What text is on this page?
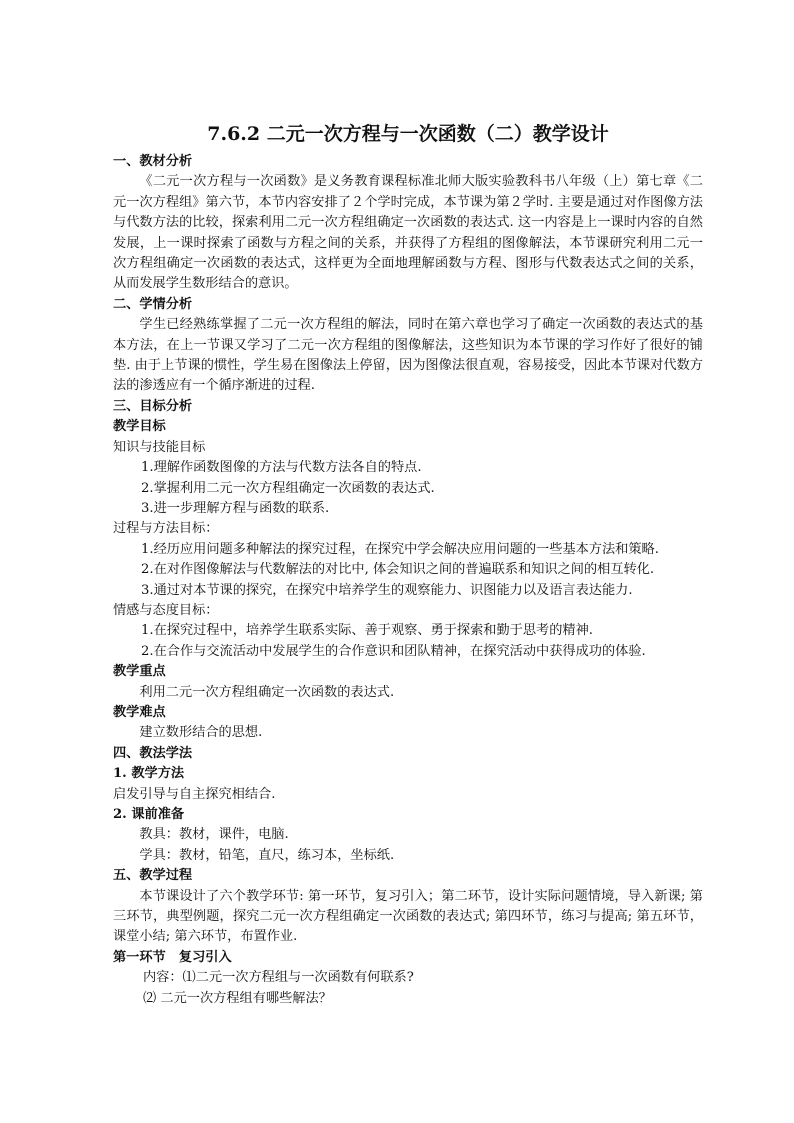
7.6.2 二元一次方程与一次函数（二）教学设计
一、教材分析
《二元一次方程与一次函数》是义务教育课程标准北师大版实验教科书八年级（上）第七章《二元一次方程组》第六节，本节内容安排了２个学时完成，本节课为第２学时. 主要是通过对作图像方法与代数方法的比较，探索利用二元一次方程组确定一次函数的表达式. 这一内容是上一课时内容的自然发展，上一课时探索了函数与方程之间的关系，并获得了方程组的图像解法，本节课研究利用二元一次方程组确定一次函数的表达式，这样更为全面地理解函数与方程、图形与代数表达式之间的关系，从而发展学生数形结合的意识。
二、学情分析
学生已经熟练掌握了二元一次方程组的解法，同时在第六章也学习了确定一次函数的表达式的基本方法，在上一节课又学习了二元一次方程组的图像解法，这些知识为本节课的学习作好了很好的铺垫. 由于上节课的惯性，学生易在图像法上停留，因为图像法很直观，容易接受，因此本节课对代数方法的渗透应有一个循序渐进的过程.
三、目标分析
教学目标
知识与技能目标
1.理解作函数图像的方法与代数方法各自的特点.
2.掌握利用二元一次方程组确定一次函数的表达式.
3.进一步理解方程与函数的联系.
过程与方法目标：
1.经历应用问题多种解法的探究过程，在探究中学会解决应用问题的一些基本方法和策略.
2.在对作图像解法与代数解法的对比中, 体会知识之间的普遍联系和知识之间的相互转化.
3.通过对本节课的探究，在探究中培养学生的观察能力、识图能力以及语言表达能力.
情感与态度目标：
1.在探究过程中，培养学生联系实际、善于观察、勇于探索和勤于思考的精神.
2.在合作与交流活动中发展学生的合作意识和团队精神，在探究活动中获得成功的体验.
教学重点
利用二元一次方程组确定一次函数的表达式.
教学难点
建立数形结合的思想.
四、教法学法
1. 教学方法
启发引导与自主探究相结合.
2. 课前准备
教具：教材，课件，电脑.
学具：教材，铅笔，直尺，练习本，坐标纸.
五、教学过程
本节课设计了六个教学环节: 第一环节，复习引入；第二环节，设计实际问题情境，导入新课; 第三环节，典型例题，探究二元一次方程组确定一次函数的表达式; 第四环节，练习与提高; 第五环节，课堂小结; 第六环节，布置作业.
第一环节　复习引入
内容：⑴二元一次方程组与一次函数有何联系?
⑵ 二元一次方程组有哪些解法？
